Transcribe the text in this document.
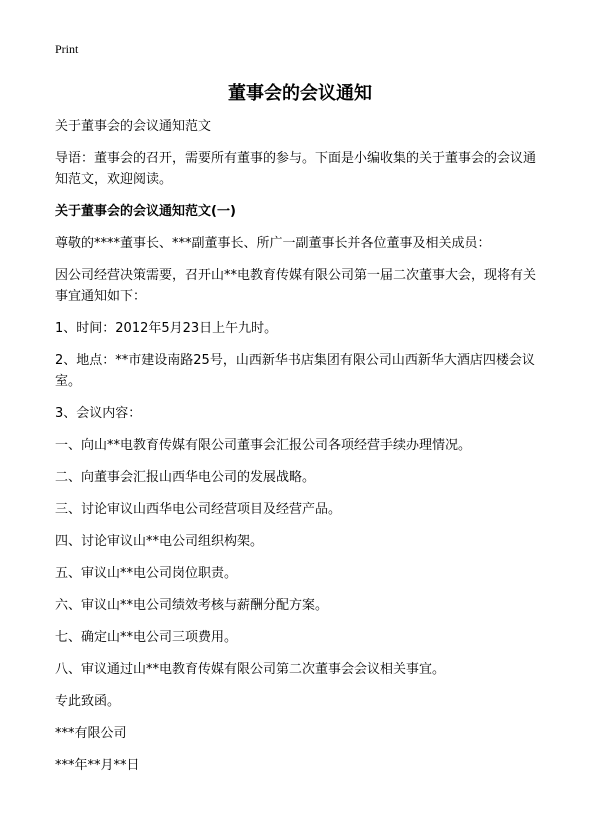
Print

董事会的会议通知

关于董事会的会议通知范文

导语：董事会的召开，需要所有董事的参与。下面是小编收集的关于董事会的会议通知范文，欢迎阅读。

关于董事会的会议通知范文(一)

尊敬的****董事长、***副董事长、所广一副董事长并各位董事及相关成员：

因公司经营决策需要，召开山**电教育传媒有限公司第一届二次董事大会，现将有关事宜通知如下：

1、时间：2012年5月23日上午九时。

2、地点：**市建设南路25号，山西新华书店集团有限公司山西新华大酒店四楼会议室。

3、会议内容：

一、向山**电教育传媒有限公司董事会汇报公司各项经营手续办理情况。

二、向董事会汇报山西华电公司的发展战略。

三、讨论审议山西华电公司经营项目及经营产品。

四、讨论审议山**电公司组织构架。

五、审议山**电公司岗位职责。

六、审议山**电公司绩效考核与薪酬分配方案。

七、确定山**电公司三项费用。

八、审议通过山**电教育传媒有限公司第二次董事会会议相关事宜。

专此致函。

***有限公司

***年**月**日
